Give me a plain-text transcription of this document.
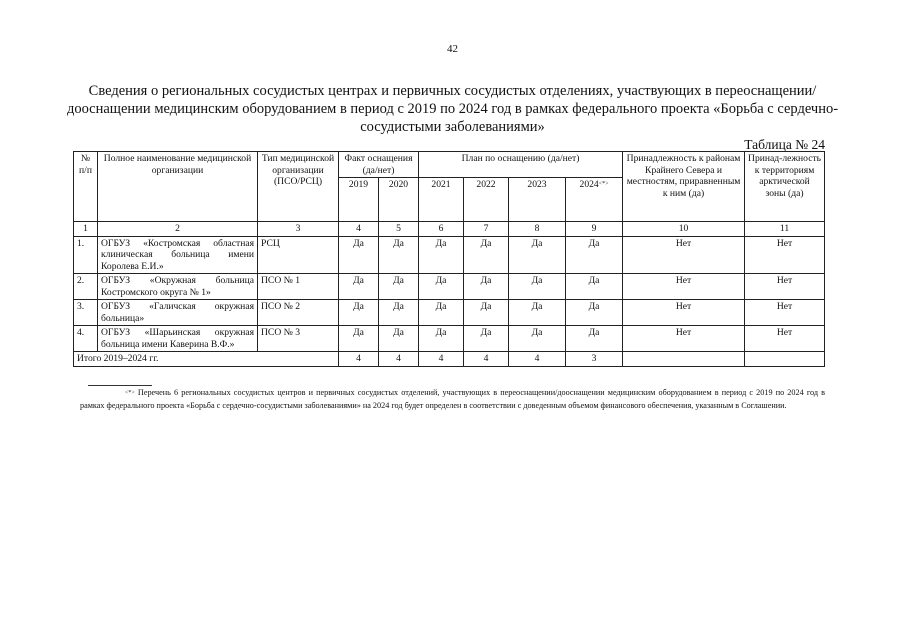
42
Сведения о региональных сосудистых центрах и первичных сосудистых отделениях, участвующих в переоснащении/дооснащении медицинским оборудованием в период с 2019 по 2024 год в рамках федерального проекта «Борьба с сердечно-сосудистыми заболеваниями»
Таблица № 24
№ п/п	Полное наименование медицинской организации	Тип медицинской организации (ПСО/РСЦ)	Факт оснащения (да/нет)		План по оснащению (да/нет)				Принадлежность к районам Крайнего Севера и местностям, приравненным к ним (да)	Принад-лежность к территориям арктической зоны (да)
			2019	2020	2021	2022	2023	2024<*>
1	2	3	4	5	6	7	8	9	10	11
1.	ОГБУЗ «Костромская областная клиническая больница имени Королева Е.И.»	РСЦ	Да	Да	Да	Да	Да	Да	Нет	Нет
2.	ОГБУЗ «Окружная больница Костромского округа № 1»	ПСО № 1	Да	Да	Да	Да	Да	Да	Нет	Нет
3.	ОГБУЗ «Галичская окружная больница»	ПСО № 2	Да	Да	Да	Да	Да	Да	Нет	Нет
4.	ОГБУЗ «Шарьинская окружная больница имени Каверина В.Ф.»	ПСО № 3	Да	Да	Да	Да	Да	Да	Нет	Нет
Итого 2019–2024 гг.			4	4	4	4	4	3		
<*> Перечень 6 региональных сосудистых центров и первичных сосудистых отделений, участвующих в переоснащении/дооснащении медицинским оборудованием в период с 2019 по 2024 год в рамках федерального проекта «Борьба с сердечно-сосудистыми заболеваниями» на 2024 год будет определен в соответствии с доведенным объемом финансового обеспечения, указанным в Соглашении.
